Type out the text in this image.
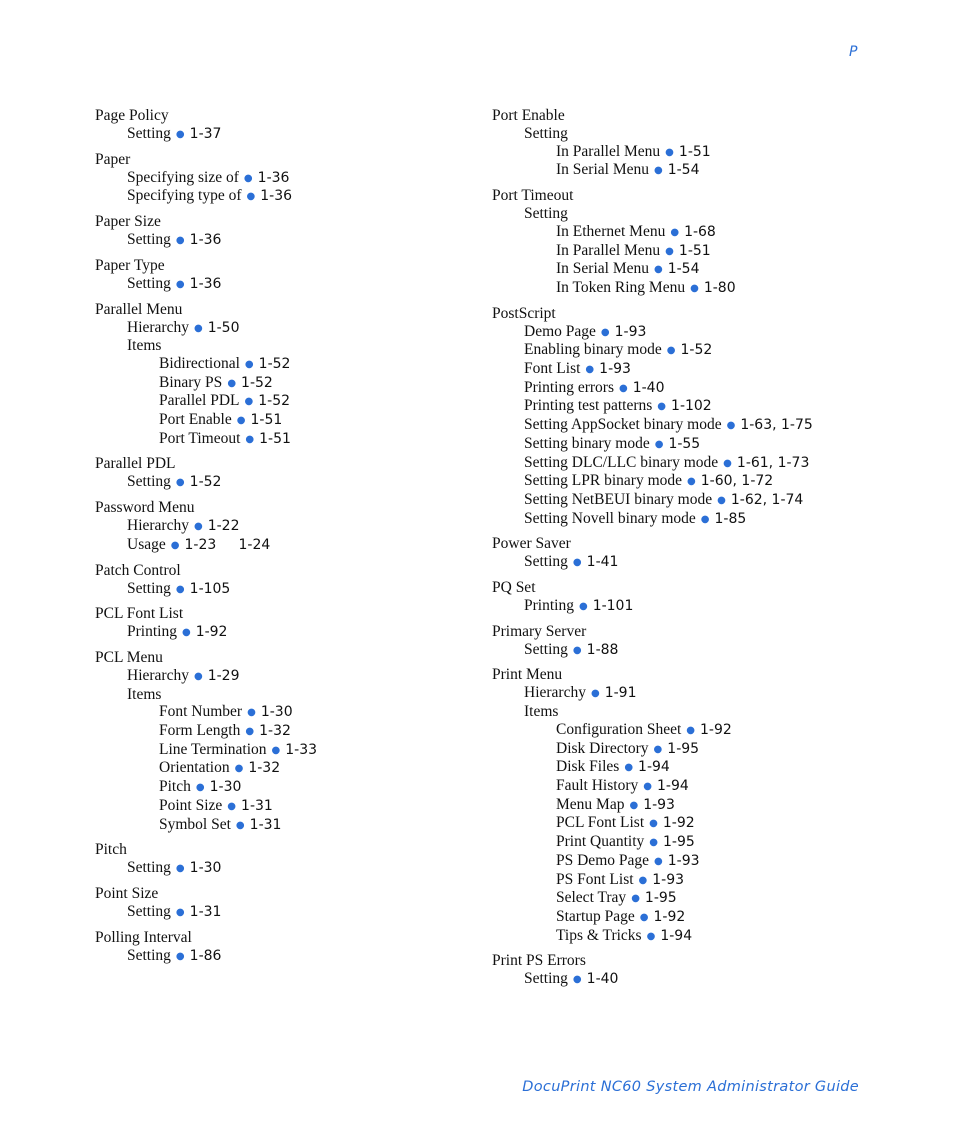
P
Page Policy
Setting ● 1-37
Paper
Specifying size of ● 1-36
Specifying type of ● 1-36
Paper Size
Setting ● 1-36
Paper Type
Setting ● 1-36
Parallel Menu
Hierarchy ● 1-50
Items
Bidirectional ● 1-52
Binary PS ● 1-52
Parallel PDL ● 1-52
Port Enable ● 1-51
Port Timeout ● 1-51
Parallel PDL
Setting ● 1-52
Password Menu
Hierarchy ● 1-22
Usage ● 1-23     1-24
Patch Control
Setting ● 1-105
PCL Font List
Printing ● 1-92
PCL Menu
Hierarchy ● 1-29
Items
Font Number ● 1-30
Form Length ● 1-32
Line Termination ● 1-33
Orientation ● 1-32
Pitch ● 1-30
Point Size ● 1-31
Symbol Set ● 1-31
Pitch
Setting ● 1-30
Point Size
Setting ● 1-31
Polling Interval
Setting ● 1-86
Port Enable
Setting
In Parallel Menu ● 1-51
In Serial Menu ● 1-54
Port Timeout
Setting
In Ethernet Menu ● 1-68
In Parallel Menu ● 1-51
In Serial Menu ● 1-54
In Token Ring Menu ● 1-80
PostScript
Demo Page ● 1-93
Enabling binary mode ● 1-52
Font List ● 1-93
Printing errors ● 1-40
Printing test patterns ● 1-102
Setting AppSocket binary mode ● 1-63, 1-75
Setting binary mode ● 1-55
Setting DLC/LLC binary mode ● 1-61, 1-73
Setting LPR binary mode ● 1-60, 1-72
Setting NetBEUI binary mode ● 1-62, 1-74
Setting Novell binary mode ● 1-85
Power Saver
Setting ● 1-41
PQ Set
Printing ● 1-101
Primary Server
Setting ● 1-88
Print Menu
Hierarchy ● 1-91
Items
Configuration Sheet ● 1-92
Disk Directory ● 1-95
Disk Files ● 1-94
Fault History ● 1-94
Menu Map ● 1-93
PCL Font List ● 1-92
Print Quantity ● 1-95
PS Demo Page ● 1-93
PS Font List ● 1-93
Select Tray ● 1-95
Startup Page ● 1-92
Tips & Tricks ● 1-94
Print PS Errors
Setting ● 1-40
DocuPrint NC60 System Administrator Guide
